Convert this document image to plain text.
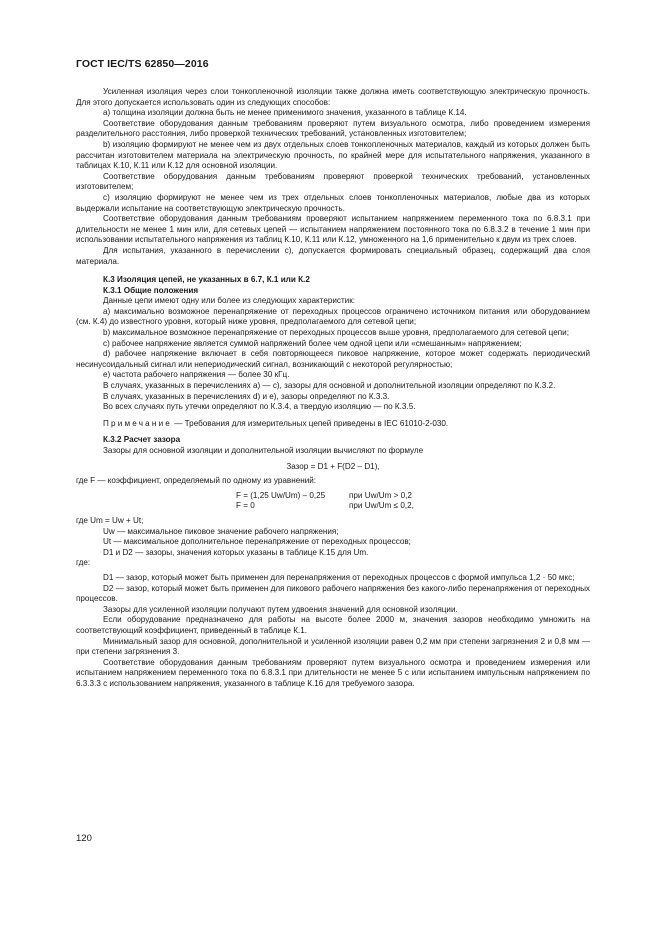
ГОСТ IEC/TS 62850—2016

Усиленная изоляция через слои тонкопленочной изоляции также должна иметь соответствующую электрическую прочность. Для этого допускается использовать один из следующих способов:

а) толщина изоляции должна быть не менее применимого значения, указанного в таблице К.14.

Соответствие оборудования данным требованиям проверяют путем визуального осмотра, либо проведением измерения разделительного расстояния, либо проверкой технических требований, установленных изготовителем;

b) изоляцию формируют не менее чем из двух отдельных слоев тонкопленочных материалов, каждый из которых должен быть рассчитан изготовителем материала на электрическую прочность, по крайней мере для испытательного напряжения, указанного в таблицах К.10, К.11 или К.12 для основной изоляции.

Соответствие оборудования данным требованиям проверяют проверкой технических требований, установленных изготовителем;

c) изоляцию формируют не менее чем из трех отдельных слоев тонкопленочных материалов, любые два из которых выдержали испытание на соответствующую электрическую прочность.

Соответствие оборудования данным требованиям проверяют испытанием напряжением переменного тока по 6.8.3.1 при длительности не менее 1 мин или, для сетевых цепей — испытанием напряжением постоянного тока по 6.8.3.2 в течение 1 мин при использовании испытательного напряжения из таблиц К.10, К.11 или К.12, умноженного на 1,6 применительно к двум из трех слоев.

Для испытания, указанного в перечислении с), допускается формировать специальный образец, содержащий два слоя материала.

К.3 Изоляция цепей, не указанных в 6.7, К.1 или К.2

К.3.1 Общие положения

Данные цепи имеют одну или более из следующих характеристик:

а) максимально возможное перенапряжение от переходных процессов ограничено источником питания или оборудованием (см. К.4) до известного уровня, который ниже уровня, предполагаемого для сетевой цепи;

b) максимальное возможное перенапряжение от переходных процессов выше уровня, предполагаемого для сетевой цепи;

c) рабочее напряжение является суммой напряжений более чем одной цепи или «смешанным» напряжением;

d) рабочее напряжение включает в себя повторяющееся пиковое напряжение, которое может содержать периодический несинусоидальный сигнал или непериодический сигнал, возникающий с некоторой регулярностью;

e) частота рабочего напряжения — более 30 кГц.

В случаях, указанных в перечислениях а) — с), зазоры для основной и дополнительной изоляции определяют по К.3.2.

В случаях, указанных в перечислениях d) и е), зазоры определяют по К.3.3.

Во всех случаях путь утечки определяют по К.3.4, а твердую изоляцию — по К.3.5.

Примечание — Требования для измерительных цепей приведены в IEC 61010-2-030.

К.3.2 Расчет зазора

Зазоры для основной изоляции и дополнительной изоляции вычисляют по формуле

Зазор = D1 + F(D2 – D1),

где F — коэффициент, определяемый по одному из уравнений:

F = (1,25 Uw/Um) – 0,25	при Uw/Um > 0,2
F = 0	при Uw/Um ≤ 0,2,

где Um = Uw + Ut;

Uw — максимальное пиковое значение рабочего напряжения;

Ut — максимальное дополнительное перенапряжение от переходных процессов;

D1 и D2 — зазоры, значения которых указаны в таблице К.15 для Um.

где:

D1 — зазор, который может быть применен для перенапряжения от переходных процессов с формой импульса 1,2 · 50 мкс;

D2 — зазор, который может быть применен для пикового рабочего напряжения без какого-либо перенапряжения от переходных процессов.

Зазоры для усиленной изоляции получают путем удвоения значений для основной изоляции.

Если оборудование предназначено для работы на высоте более 2000 м, значения зазоров необходимо умножить на соответствующий коэффициент, приведенный в таблице К.1.

Минимальный зазор для основной, дополнительной и усиленной изоляции равен 0,2 мм при степени загрязнения 2 и 0,8 мм — при степени загрязнения 3.

Соответствие оборудования данным требованиям проверяют путем визуального осмотра и проведением измерения или испытанием напряжением переменного тока по 6.8.3.1 при длительности не менее 5 с или испытанием импульсным напряжением по 6.3.3.3 с использованием напряжения, указанного в таблице К.16 для требуемого зазора.

120
